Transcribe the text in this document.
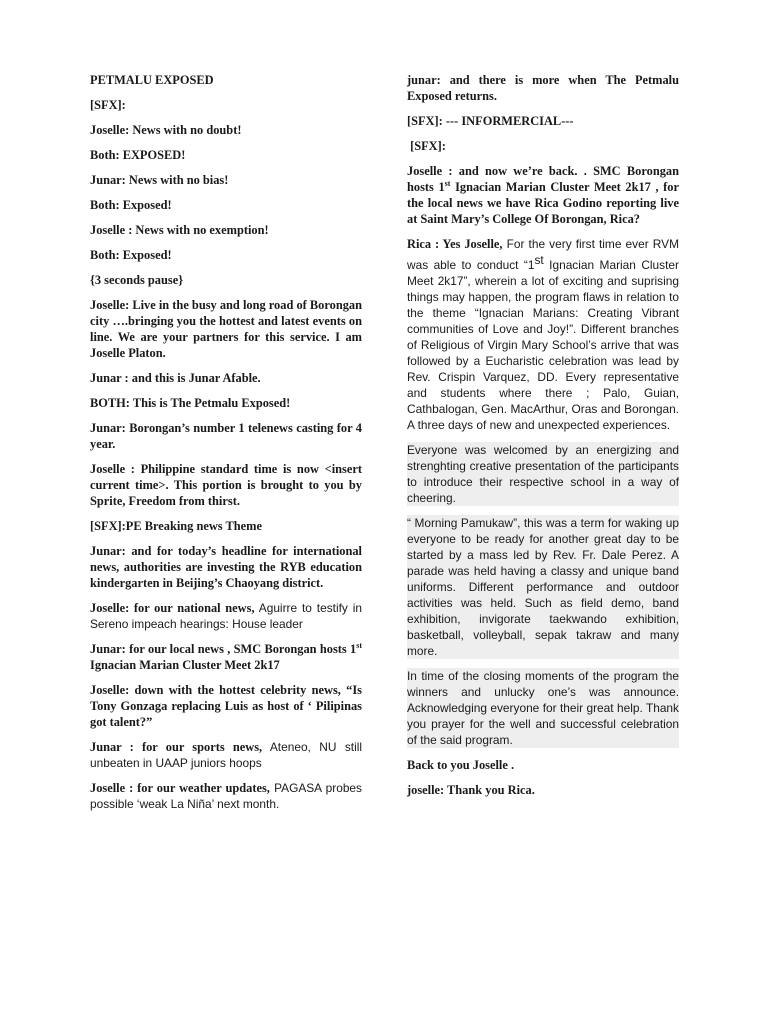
PETMALU EXPOSED

[SFX]:

Joselle: News with no doubt!

Both: EXPOSED!

Junar: News with no bias!

Both: Exposed!

Joselle : News with no exemption!

Both: Exposed!

{3 seconds pause}

Joselle: Live in the busy and long road of Borongan city ….bringing you the hottest and latest events on line. We are your partners for this service. I am Joselle Platon.

Junar : and this is Junar Afable.

BOTH: This is The Petmalu Exposed!

Junar: Borongan’s number 1 telenews casting for 4 year.

Joselle : Philippine standard time is now <insert current time>. This portion is brought to you by Sprite, Freedom from thirst.

[SFX]:PE Breaking news Theme

Junar: and for today’s headline for international news, authorities are investing the RYB education kindergarten in Beijing’s Chaoyang district.

Joselle: for our national news, Aguirre to testify in Sereno impeach hearings: House leader

Junar: for our local news , SMC Borongan hosts 1st Ignacian Marian Cluster Meet 2k17

Joselle: down with the hottest celebrity news, “Is Tony Gonzaga replacing Luis as host of ‘ Pilipinas got talent?”

Junar : for our sports news, Ateneo, NU still unbeaten in UAAP juniors hoops

Joselle : for our weather updates, PAGASA probes possible ‘weak La Niña’ next month.

junar: and there is more when The Petmalu Exposed returns.

[SFX]: --- INFORMERCIAL---

[SFX]:

Joselle : and now we’re back. . SMC Borongan hosts 1st Ignacian Marian Cluster Meet 2k17 , for the local news we have Rica Godino reporting live at Saint Mary’s College Of Borongan, Rica?

Rica : Yes Joselle, For the very first time ever RVM was able to conduct “1st Ignacian Marian Cluster Meet 2k17”, wherein a lot of exciting and suprising things may happen, the program flaws in relation to the theme “Ignacian Marians: Creating Vibrant communities of Love and Joy!”. Different branches of Religious of Virgin Mary School’s arrive that was followed by a Eucharistic celebration was lead by Rev. Crispin Varquez, DD. Every representative and students where there ; Palo, Guian, Cathbalogan, Gen. MacArthur, Oras and Borongan. A three days of new and unexpected experiences.

Everyone was welcomed by an energizing and strenghting creative presentation of the participants to introduce their respective school in a way of cheering.

“ Morning Pamukaw”, this was a term for waking up everyone to be ready for another great day to be started by a mass led by Rev. Fr. Dale Perez. A parade was held having a classy and unique band uniforms. Different performance and outdoor activities was held. Such as field demo, band exhibition, invigorate taekwando exhibition, basketball, volleyball, sepak takraw and many more.

In time of the closing moments of the program the winners and unlucky one’s was announce. Acknowledging everyone for their great help. Thank you prayer for the well and successful celebration of the said program.

Back to you Joselle .

joselle: Thank you Rica.
